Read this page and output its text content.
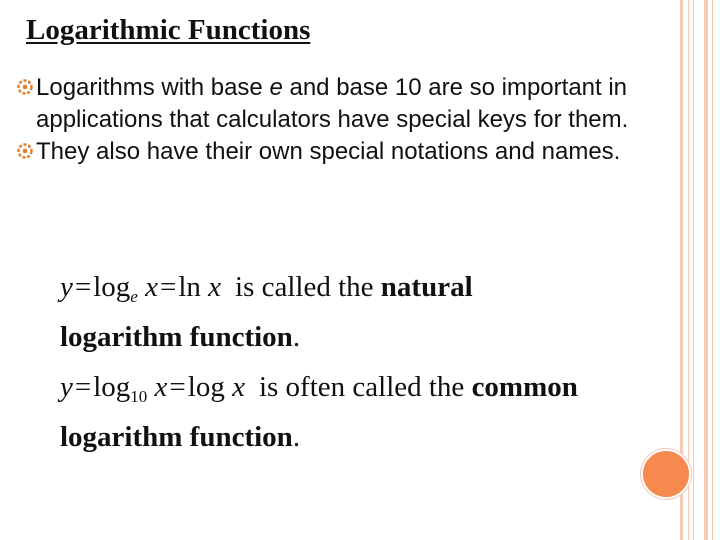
Logarithmic Functions
Logarithms with base e and base 10 are so important in applications that calculators have special keys for them.
They also have their own special notations and names.
$y=\log_e$ x=ln x is called the natural
logarithm function.
$y=\log_{10}$ x=log x is often called the common
logarithm function.
